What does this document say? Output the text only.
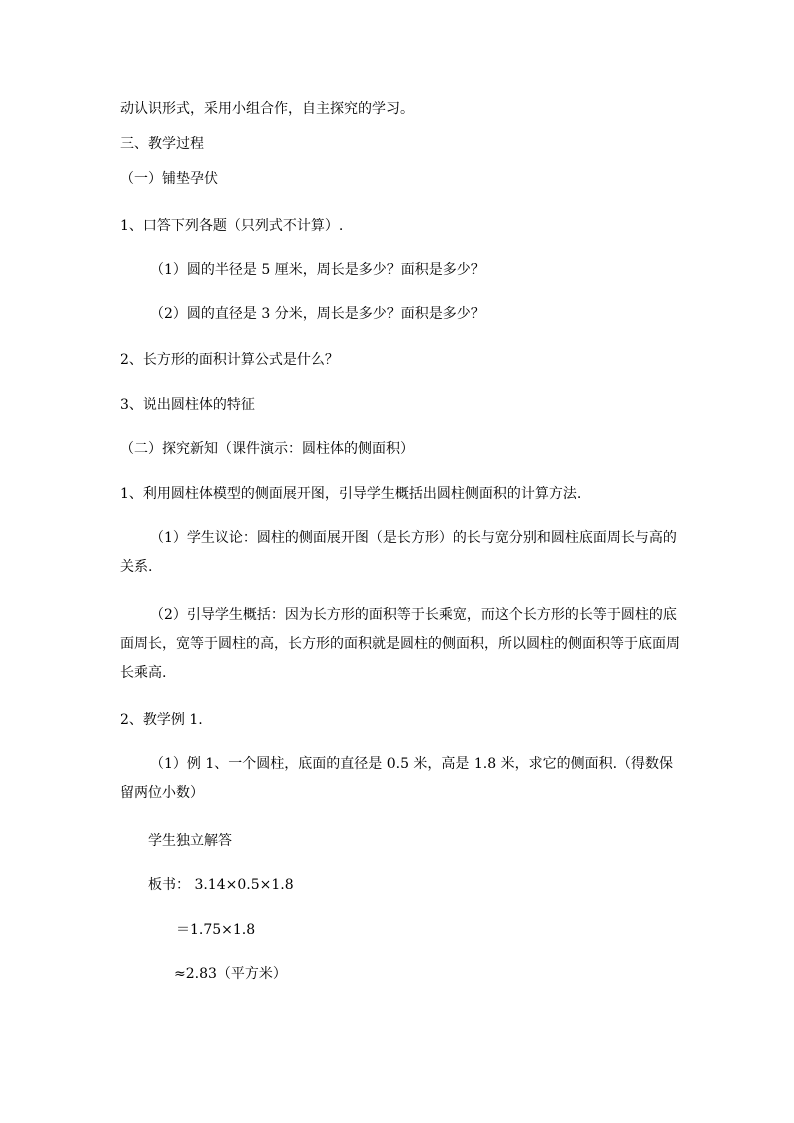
动认识形式，采用小组合作，自主探究的学习。
三、教学过程
（一）铺垫孕伏
1、口答下列各题（只列式不计算）.
（1）圆的半径是 5 厘米，周长是多少？面积是多少？
（2）圆的直径是 3 分米，周长是多少？面积是多少？
2、长方形的面积计算公式是什么？
3、说出圆柱体的特征
（二）探究新知（课件演示：圆柱体的侧面积）
1、利用圆柱体模型的侧面展开图，引导学生概括出圆柱侧面积的计算方法.
（1）学生议论：圆柱的侧面展开图（是长方形）的长与宽分别和圆柱底面周长与高的关系.
（2）引导学生概括：因为长方形的面积等于长乘宽，而这个长方形的长等于圆柱的底面周长，宽等于圆柱的高，长方形的面积就是圆柱的侧面积，所以圆柱的侧面积等于底面周长乘高.
2、教学例 1.
（1）例 1、一个圆柱，底面的直径是 0.5 米，高是 1.8 米，求它的侧面积.（得数保留两位小数）
学生独立解答
板书： 3.14×0.5×1.8
＝1.75×1.8
≈2.83（平方米）
